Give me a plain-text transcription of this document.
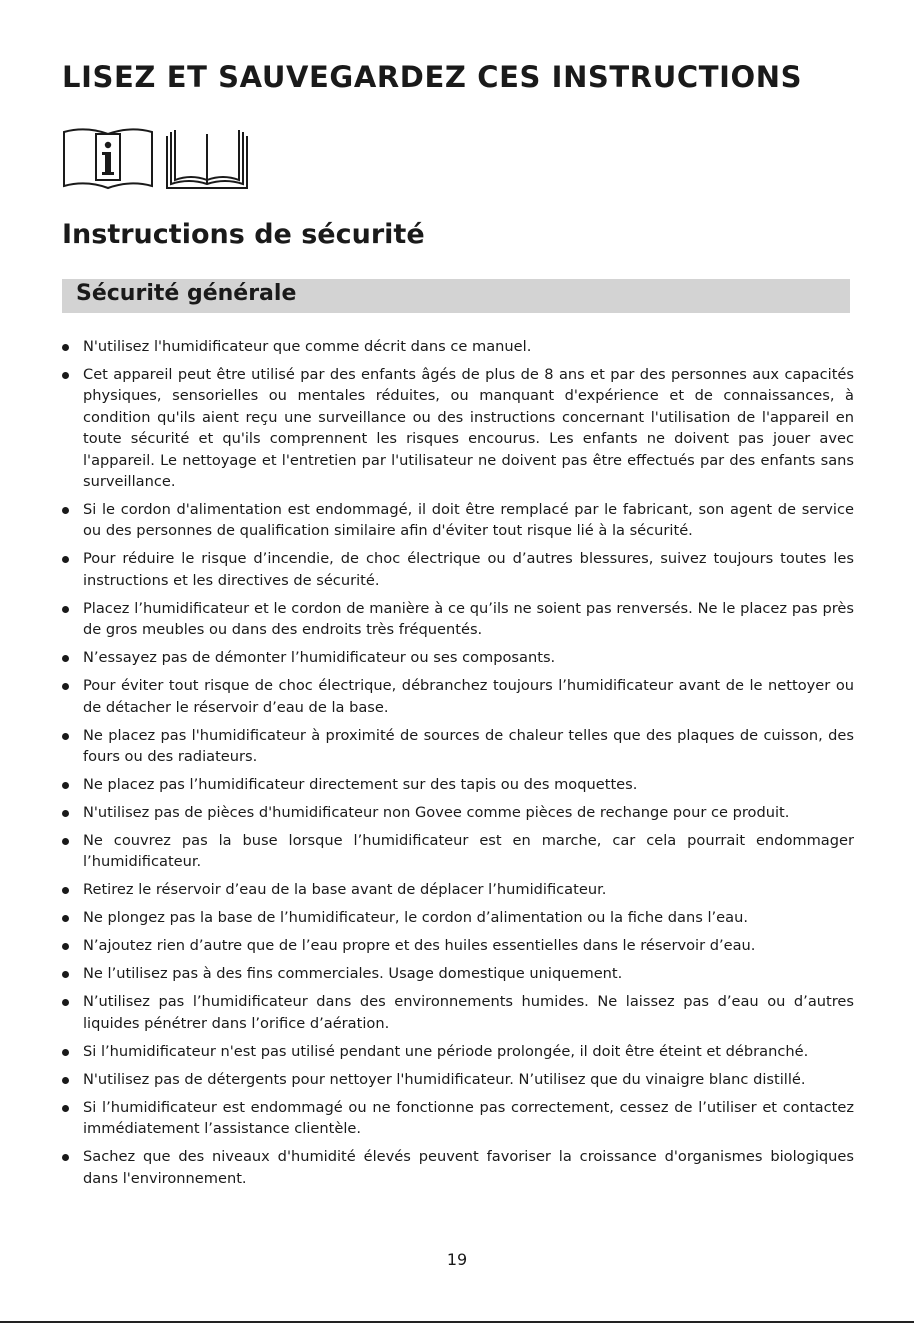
LISEZ ET SAUVEGARDEZ CES INSTRUCTIONS

Instructions de sécurité
Sécurité générale
N'utilisez l'humidificateur que comme décrit dans ce manuel.
Cet appareil peut être utilisé par des enfants âgés de plus de 8 ans et par des personnes aux capacités physiques, sensorielles ou mentales réduites, ou manquant d'expérience et de connaissances, à condition qu'ils aient reçu une surveillance ou des instructions concernant l'utilisation de l'appareil en toute sécurité et qu'ils comprennent les risques encourus. Les enfants ne doivent pas jouer avec l'appareil. Le nettoyage et l'entretien par l'utilisateur ne doivent pas être effectués par des enfants sans surveillance.
Si le cordon d'alimentation est endommagé, il doit être remplacé par le fabricant, son agent de service ou des personnes de qualification similaire afin d'éviter tout risque lié à la sécurité.
Pour réduire le risque d’incendie, de choc électrique ou d’autres blessures, suivez toujours toutes les instructions et les directives de sécurité.
Placez l’humidificateur et le cordon de manière à ce qu’ils ne soient pas renversés. Ne le placez pas près de gros meubles ou dans des endroits très fréquentés.
N’essayez pas de démonter l’humidificateur ou ses composants.
Pour éviter tout risque de choc électrique, débranchez toujours l’humidificateur avant de le nettoyer ou de détacher le réservoir d’eau de la base.
Ne placez pas l'humidificateur à proximité de sources de chaleur telles que des plaques de cuisson, des fours ou des radiateurs.
Ne placez pas l’humidificateur directement sur des tapis ou des moquettes.
N'utilisez pas de pièces d'humidificateur non Govee comme pièces de rechange pour ce produit.
Ne couvrez pas la buse lorsque l’humidificateur est en marche, car cela pourrait endommager l’humidificateur.
Retirez le réservoir d’eau de la base avant de déplacer l’humidificateur.
Ne plongez pas la base de l’humidificateur, le cordon d’alimentation ou la fiche dans l’eau.
N’ajoutez rien d’autre que de l’eau propre et des huiles essentielles dans le réservoir d’eau.
Ne l’utilisez pas à des fins commerciales. Usage domestique uniquement.
N’utilisez pas l’humidificateur dans des environnements humides. Ne laissez pas d’eau ou d’autres liquides pénétrer dans l’orifice d’aération.
Si l’humidificateur n'est pas utilisé pendant une période prolongée, il doit être éteint et débranché.
N'utilisez pas de détergents pour nettoyer l'humidificateur. N’utilisez que du vinaigre blanc distillé.
Si l’humidificateur est endommagé ou ne fonctionne pas correctement, cessez de l’utiliser et contactez immédiatement l’assistance clientèle.
Sachez que des niveaux d'humidité élevés peuvent favoriser la croissance d'organismes biologiques dans l'environnement.
19
